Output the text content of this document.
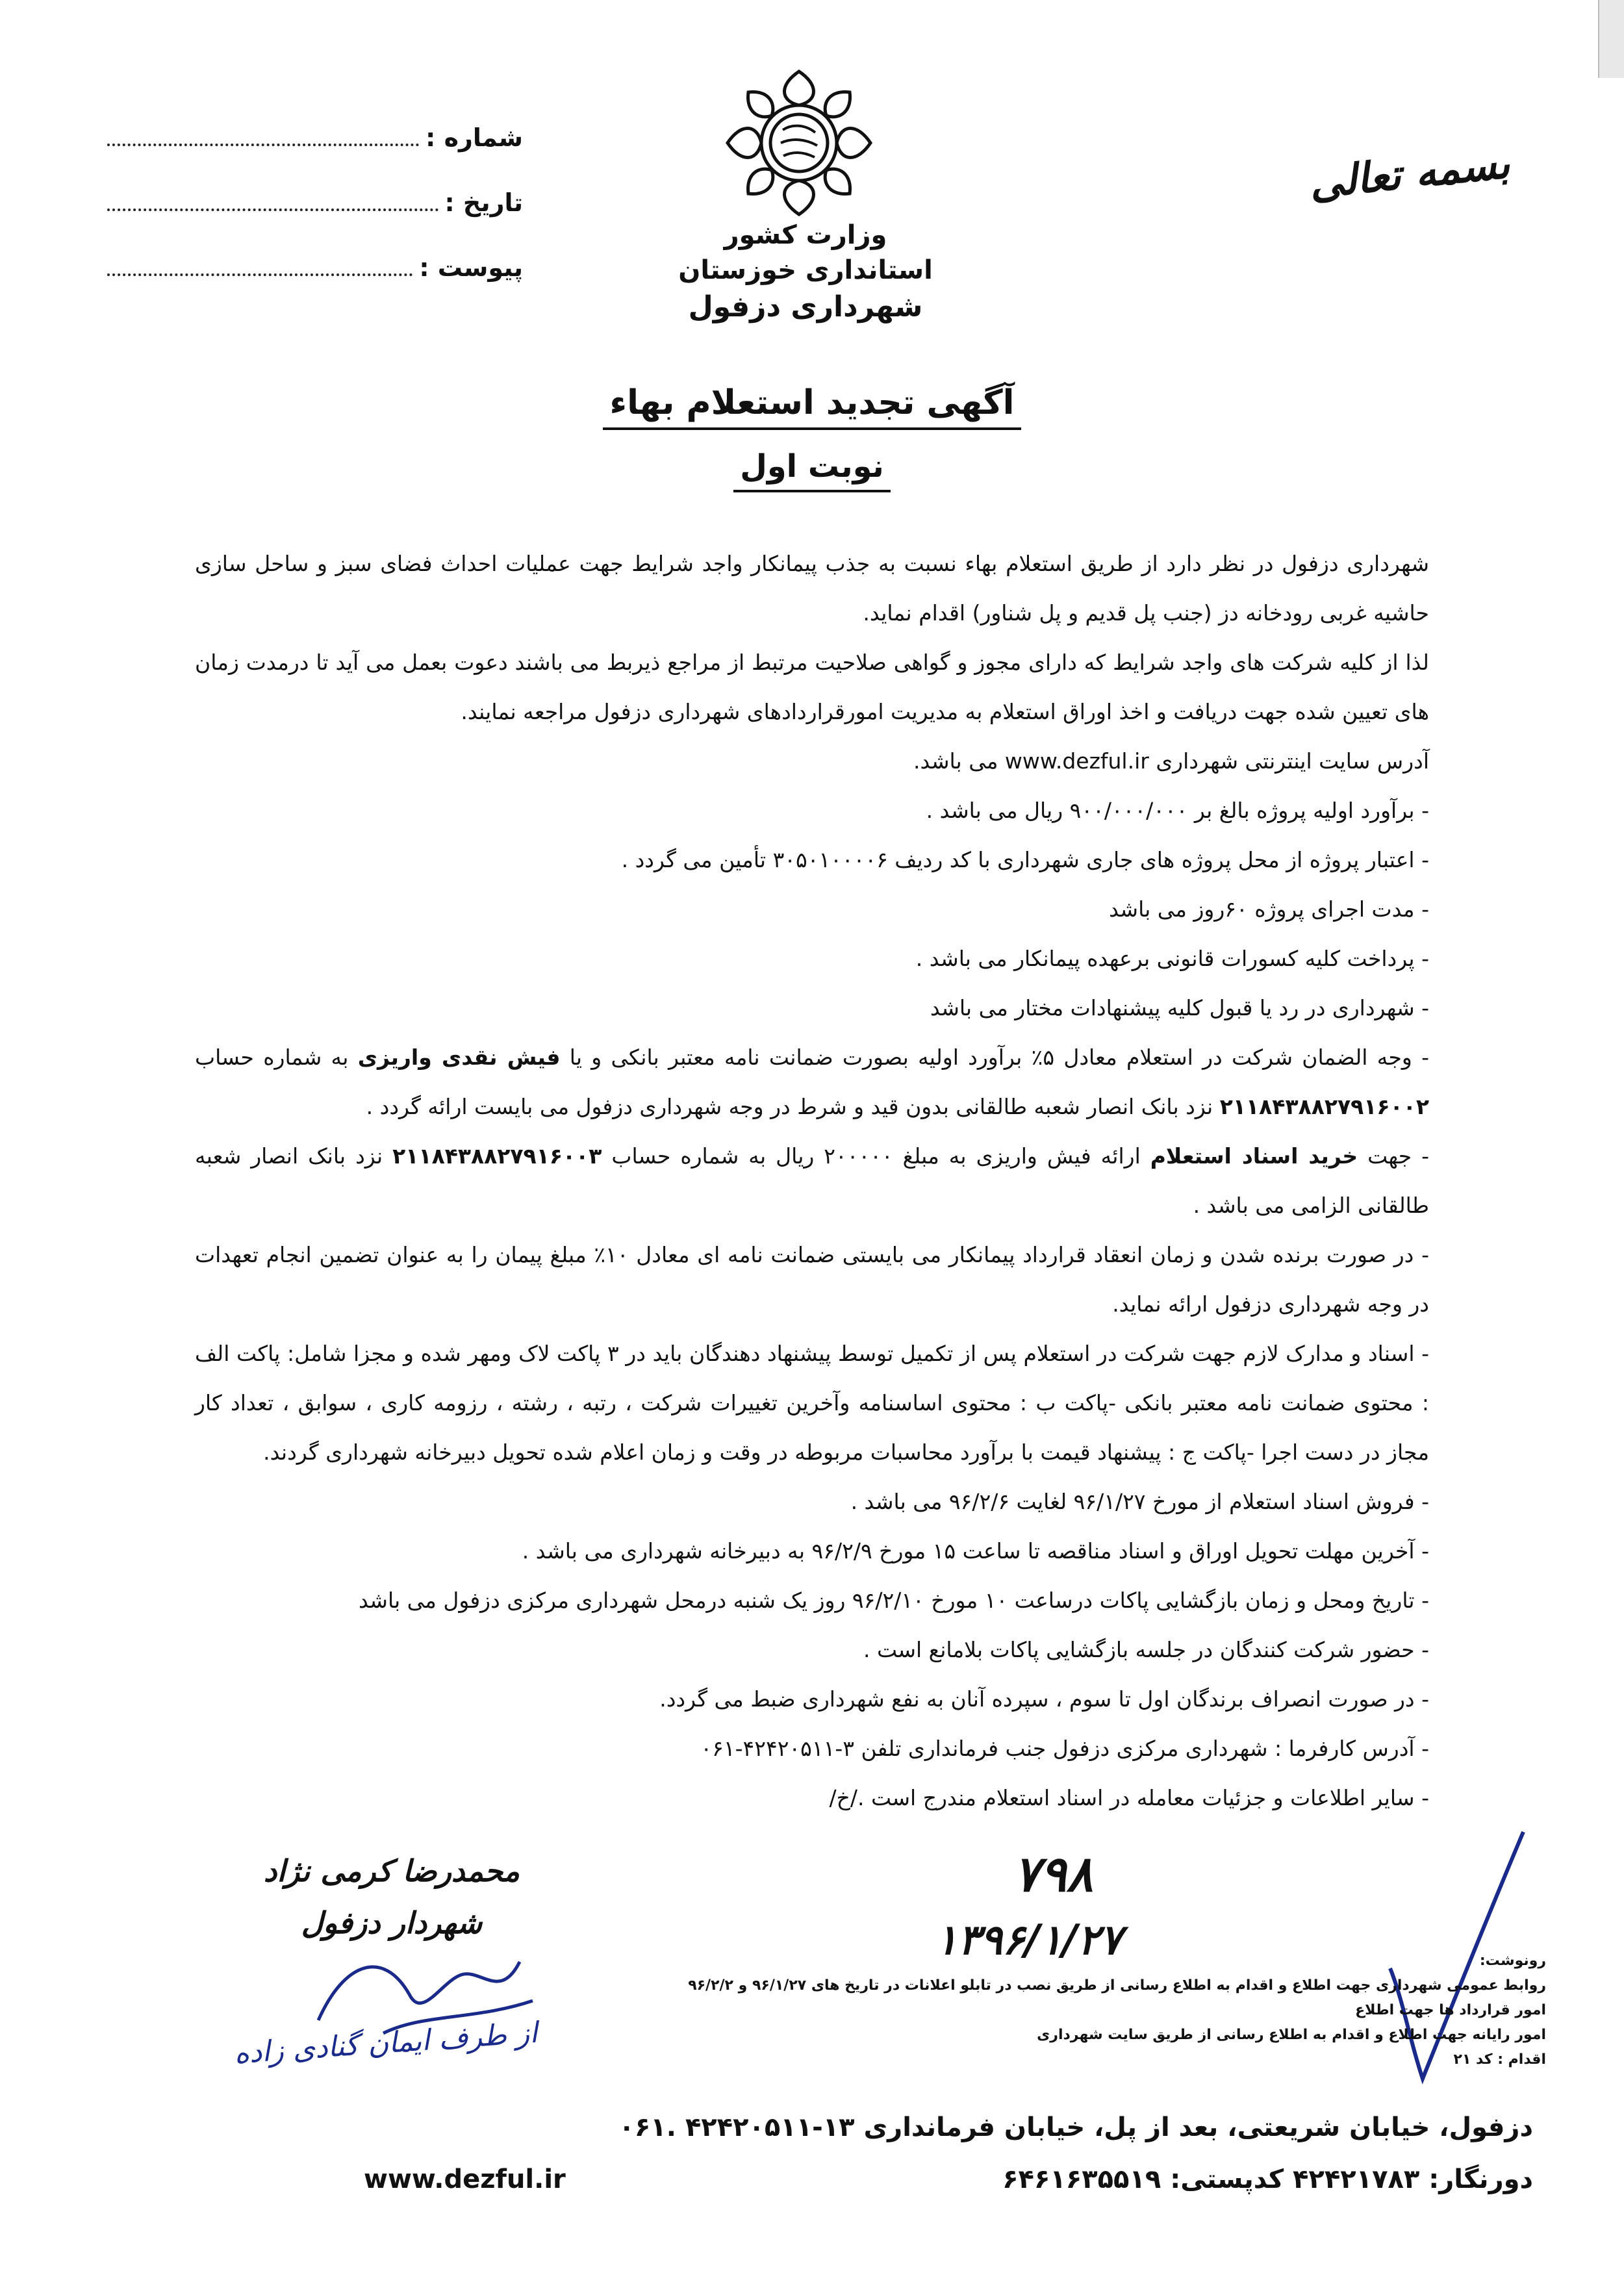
بسمه تعالی
شماره :
تاریخ :
پیوست :
وزارت کشور
استانداری خوزستان
شهرداری دزفول
آگهی تجدید استعلام بهاء
نوبت اول

شهرداری دزفول در نظر دارد از طریق استعلام بهاء نسبت به جذب پیمانکار واجد شرایط جهت عملیات احداث فضای سبز و ساحل سازی حاشیه غربی رودخانه دز (جنب پل قدیم و پل شناور) اقدام نماید.

لذا از کلیه شرکت های واجد شرایط که دارای مجوز و گواهی صلاحیت مرتبط از مراجع ذیربط می باشند دعوت بعمل می آید تا درمدت زمان های تعیین شده جهت دریافت و اخذ اوراق استعلام به مدیریت امورقراردادهای شهرداری دزفول مراجعه نمایند.

آدرس سایت اینترنتی شهرداری www.dezful.ir می باشد.

- برآورد اولیه پروژه بالغ بر ۹۰۰/۰۰۰/۰۰۰ ریال می باشد .

- اعتبار پروژه از محل پروژه های جاری شهرداری با کد ردیف ۳۰۵۰۱۰۰۰۰۶ تأمین می گردد .

- مدت اجرای پروژه ۶۰روز می باشد

- پرداخت کلیه کسورات قانونی برعهده پیمانکار می باشد .

- شهرداری در رد یا قبول کلیه پیشنهادات مختار می باشد

- وجه الضمان شرکت در استعلام معادل ۵٪ برآورد اولیه بصورت ضمانت نامه معتبر بانکی و یا فیش نقدی واریزی به شماره حساب ۲۱۱۸۴۳۸۸۲۷۹۱۶۰۰۲ نزد بانک انصار شعبه طالقانی بدون قید و شرط در وجه شهرداری دزفول می بایست ارائه گردد .

- جهت خرید اسناد استعلام ارائه فیش واریزی به مبلغ ۲۰۰۰۰۰ ریال به شماره حساب ۲۱۱۸۴۳۸۸۲۷۹۱۶۰۰۳ نزد بانک انصار شعبه طالقانی الزامی می باشد .

- در صورت برنده شدن و زمان انعقاد قرارداد پیمانکار می بایستی ضمانت نامه ای معادل ۱۰٪ مبلغ پیمان را به عنوان تضمین انجام تعهدات در وجه شهرداری دزفول ارائه نماید.

- اسناد و مدارک لازم جهت شرکت در استعلام پس از تکمیل توسط پیشنهاد دهندگان باید در ۳ پاکت لاک ومهر شده و مجزا شامل: پاکت الف : محتوی ضمانت نامه معتبر بانکی -پاکت ب : محتوی اساسنامه وآخرین تغییرات شرکت ، رتبه ، رشته ، رزومه کاری ، سوابق ، تعداد کار مجاز در دست اجرا -پاکت ج : پیشنهاد قیمت با برآورد محاسبات مربوطه در وقت و زمان اعلام شده تحویل دبیرخانه شهرداری گردند.

- فروش اسناد استعلام از مورخ ۹۶/۱/۲۷ لغایت ۹۶/۲/۶ می باشد .

- آخرین مهلت تحویل اوراق و اسناد مناقصه تا ساعت ۱۵ مورخ ۹۶/۲/۹ به دبیرخانه شهرداری می باشد .

- تاریخ ومحل و زمان بازگشایی پاکات درساعت ۱۰ مورخ ۹۶/۲/۱۰ روز یک شنبه درمحل شهرداری مرکزی دزفول می باشد

- حضور شرکت کنندگان در جلسه بازگشایی پاکات بلامانع است .

- در صورت انصراف برندگان اول تا سوم ، سپرده آنان به نفع شهرداری ضبط می گردد.

- آدرس کارفرما : شهرداری مرکزی دزفول جنب فرمانداری تلفن ۳-۴۲۴۲۰۵۱۱-۰۶۱

- سایر اطلاعات و جزئیات معامله در اسناد استعلام مندرج است ./خ/

محمدرضا کرمی نژاد
شهردار دزفول
از طرف ایمان گنادی زاده
۷۹۸
۱۳۹۶/۱/۲۷	رونوشت:
روابط عمومی شهرداری جهت اطلاع و اقدام به اطلاع رسانی از طریق نصب در تابلو اعلانات در تاریخ های ۹۶/۱/۲۷ و ۹۶/۲/۲
امور قرارداد ها جهت اطلاع
امور رایانه جهت اطلاع و اقدام به اطلاع رسانی از طریق سایت شهرداری
اقدام : کد ۲۱
دزفول، خیابان شریعتی، بعد از پل، خیابان فرمانداری ۱۳-۴۲۴۲۰۵۱۱ .۰۶۱
دورنگار: ۴۲۴۲۱۷۸۳ کدپستی: ۶۴۶۱۶۳۵۵۱۹
www.dezful.ir
